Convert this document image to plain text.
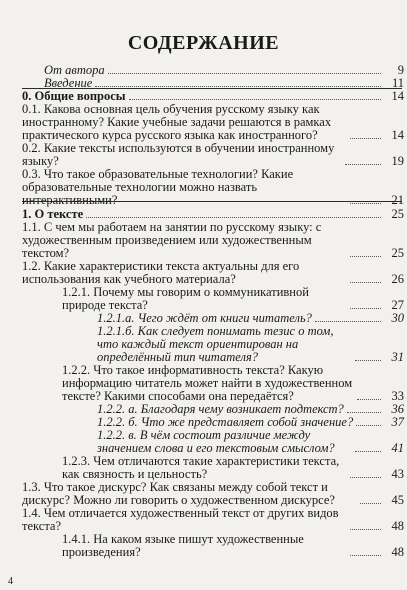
СОДЕРЖАНИЕ
От автора	9
Введение	11
0. Общие вопросы	14
0.1. Какова основная цель обучения русскому языку как иностранному? Какие учебные задачи решаются в рамках практического курса русского языка как иностранного?	14
0.2. Какие тексты используются в обучении иностранному языку?	19
0.3. Что такое образовательные технологии? Какие образовательные технологии можно назвать интерактивными?	21
1. О тексте	25
1.1. С чем мы работаем на занятии по русскому языку: с художественным произведением или художественным текстом?	25
1.2. Какие характеристики текста актуальны для его использования как учебного материала?	26
1.2.1. Почему мы говорим о коммуникативной природе текста?	27
1.2.1.а. Чего ждёт от книги читатель?	30
1.2.1.б. Как следует понимать тезис о том, что каждый текст ориентирован на определённый тип читателя?	31
1.2.2. Что такое информативность текста? Какую информацию читатель может найти в художественном тексте? Какими способами она передаётся?	33
1.2.2. а. Благодаря чему возникает подтекст?	36
1.2.2. б. Что же представляет собой значение?	37
1.2.2. в. В чём состоит различие между значением слова и его текстовым смыслом?	41
1.2.3. Чем отличаются такие характеристики текста, как связность и цельность?	43
1.3. Что такое дискурс? Как связаны между собой текст и дискурс? Можно ли говорить о художественном дискурсе?	45
1.4. Чем отличается художественный текст от других видов текста?	48
1.4.1. На каком языке пишут художественные произведения?	48
4
